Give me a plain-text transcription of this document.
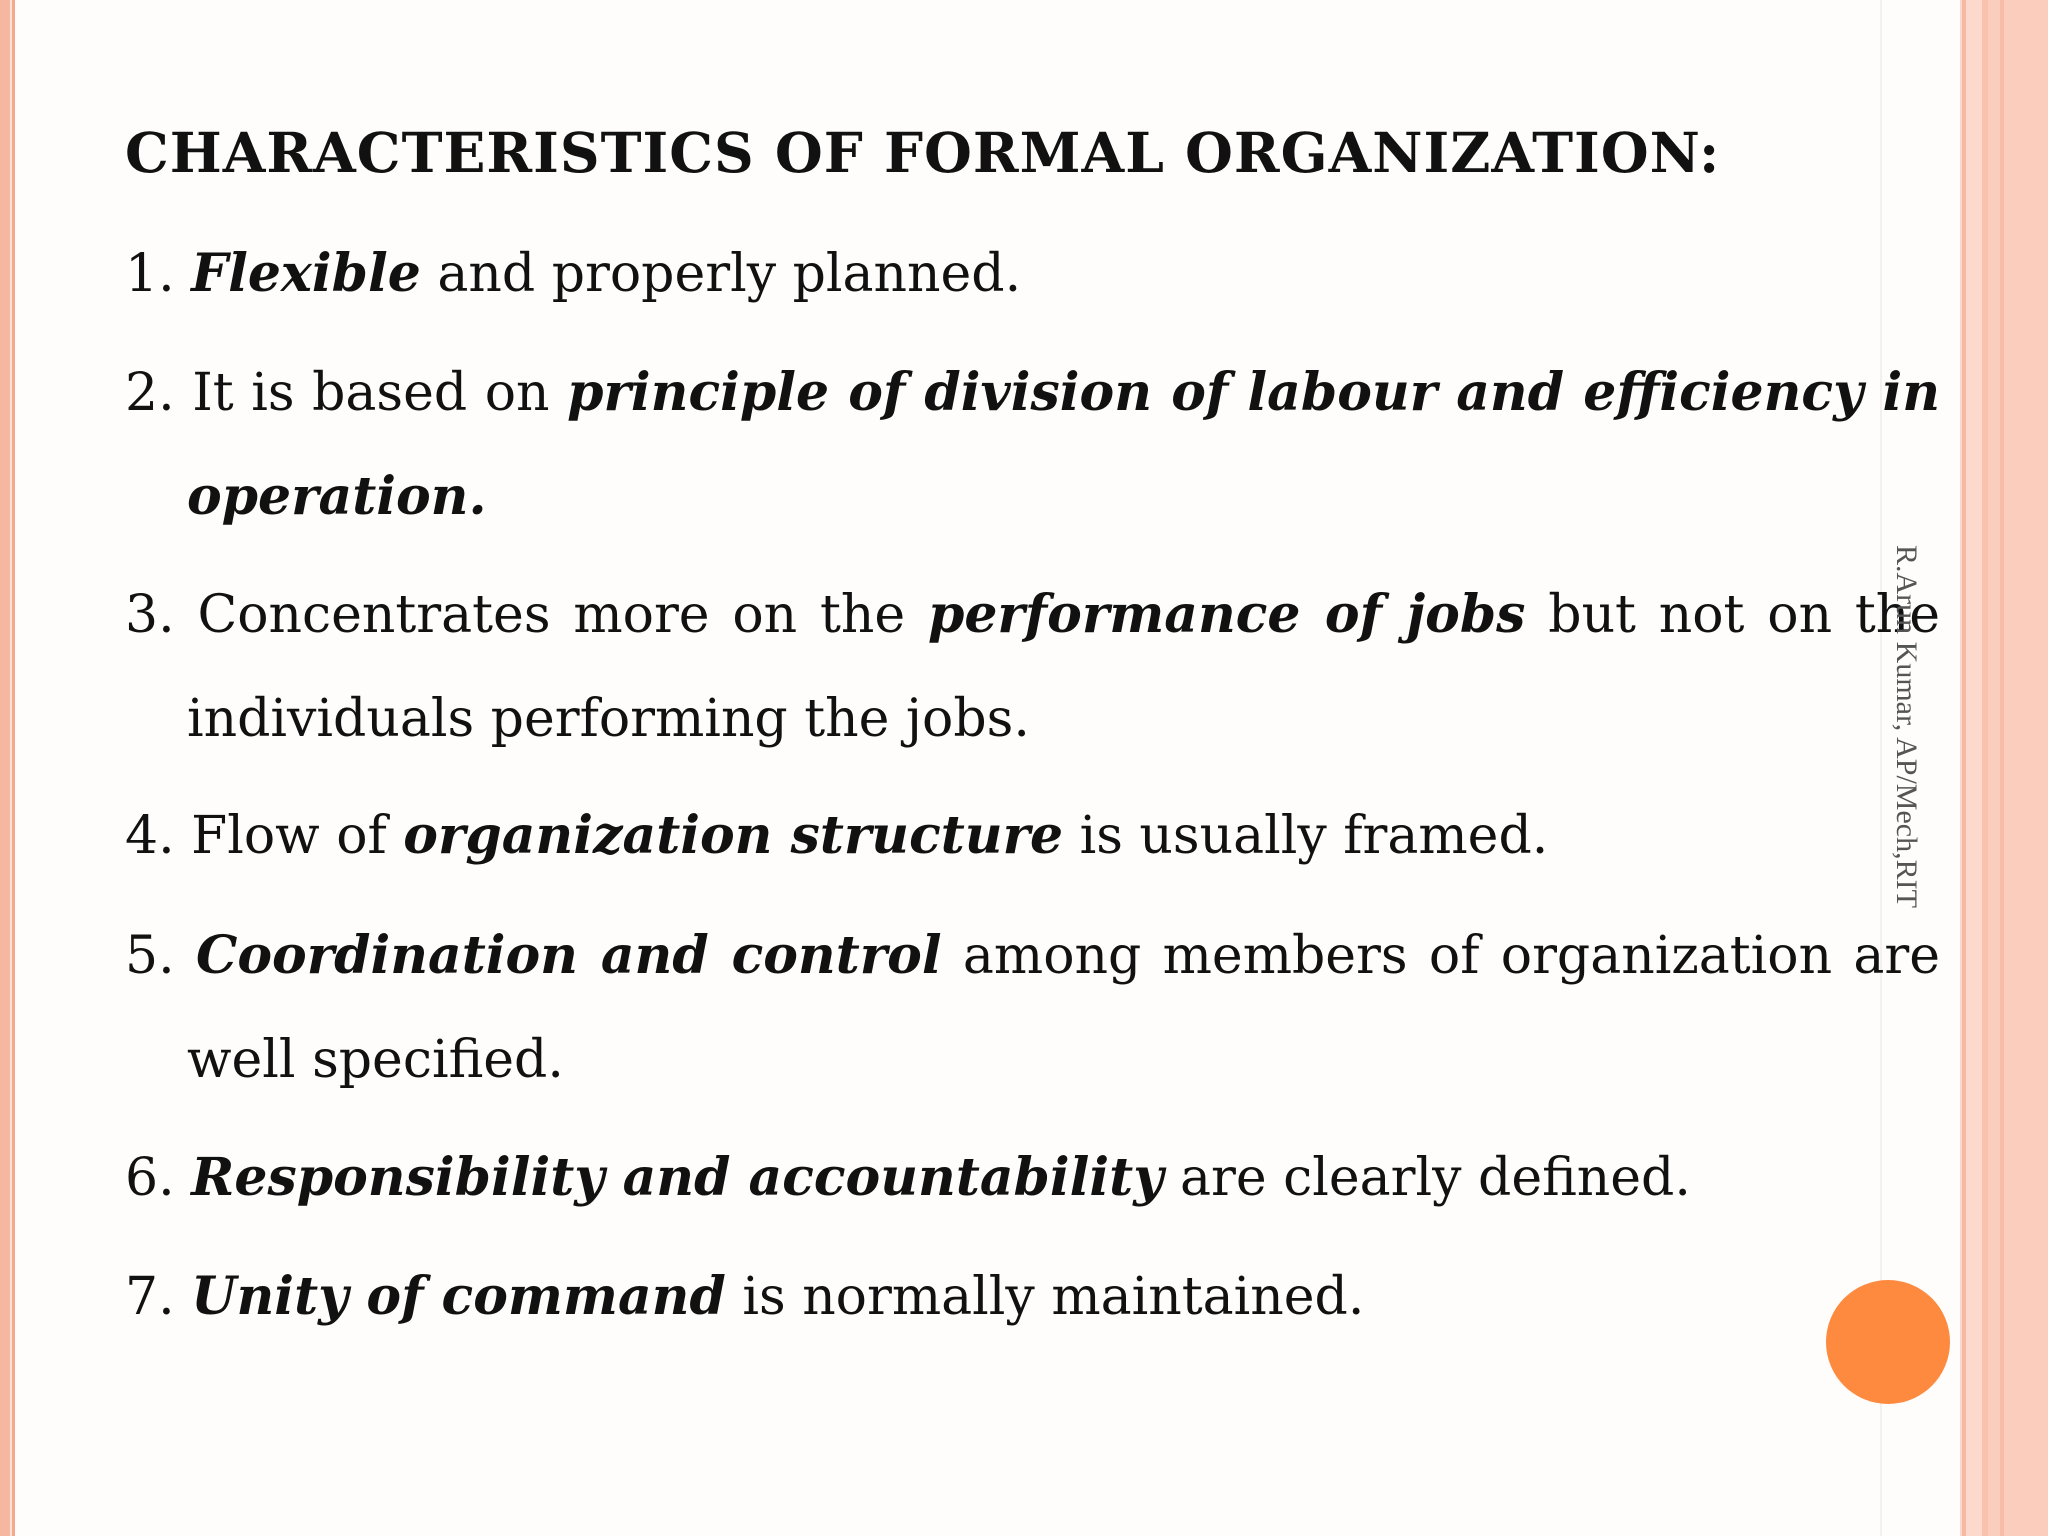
CHARACTERISTICS OF FORMAL ORGANIZATION:
1. Flexible and properly planned.
2. It is based on principle of division of labour and efficiency in
operation.
3. Concentrates more on the performance of jobs but not on the
individuals performing the jobs.
4. Flow of organization structure is usually framed.
5. Coordination and control among members of organization are
well specified.
6. Responsibility and accountability are clearly defined.
7. Unity of command is normally maintained.
R.Arun Kumar, AP/Mech,RIT
